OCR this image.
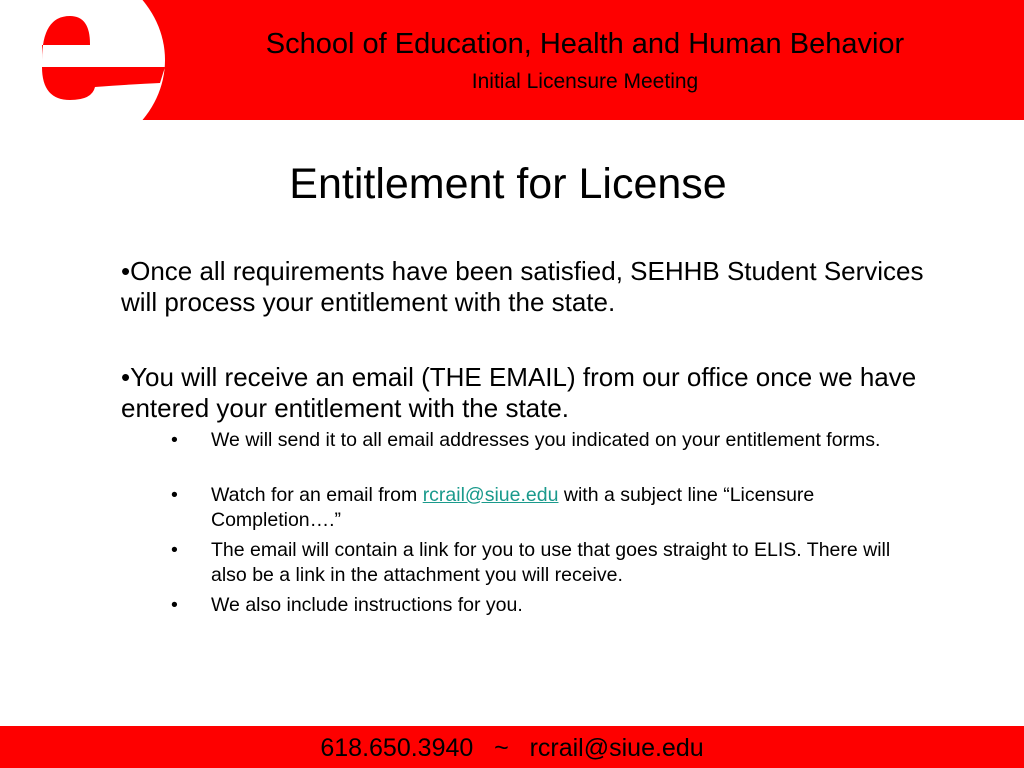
School of Education, Health and Human Behavior
Initial Licensure Meeting
Entitlement for License
•Once all requirements have been satisfied, SEHHB Student Services will process your entitlement with the state.
•You will receive an email (THE EMAIL) from our office once we have entered your entitlement with the state.
• We will send it to all email addresses you indicated on your entitlement forms.
• Watch for an email from rcrail@siue.edu with a subject line “Licensure Completion….”
• The email will contain a link for you to use that goes straight to ELIS. There will also be a link in the attachment you will receive.
• We also include instructions for you.
618.650.3940   ~   rcrail@siue.edu
